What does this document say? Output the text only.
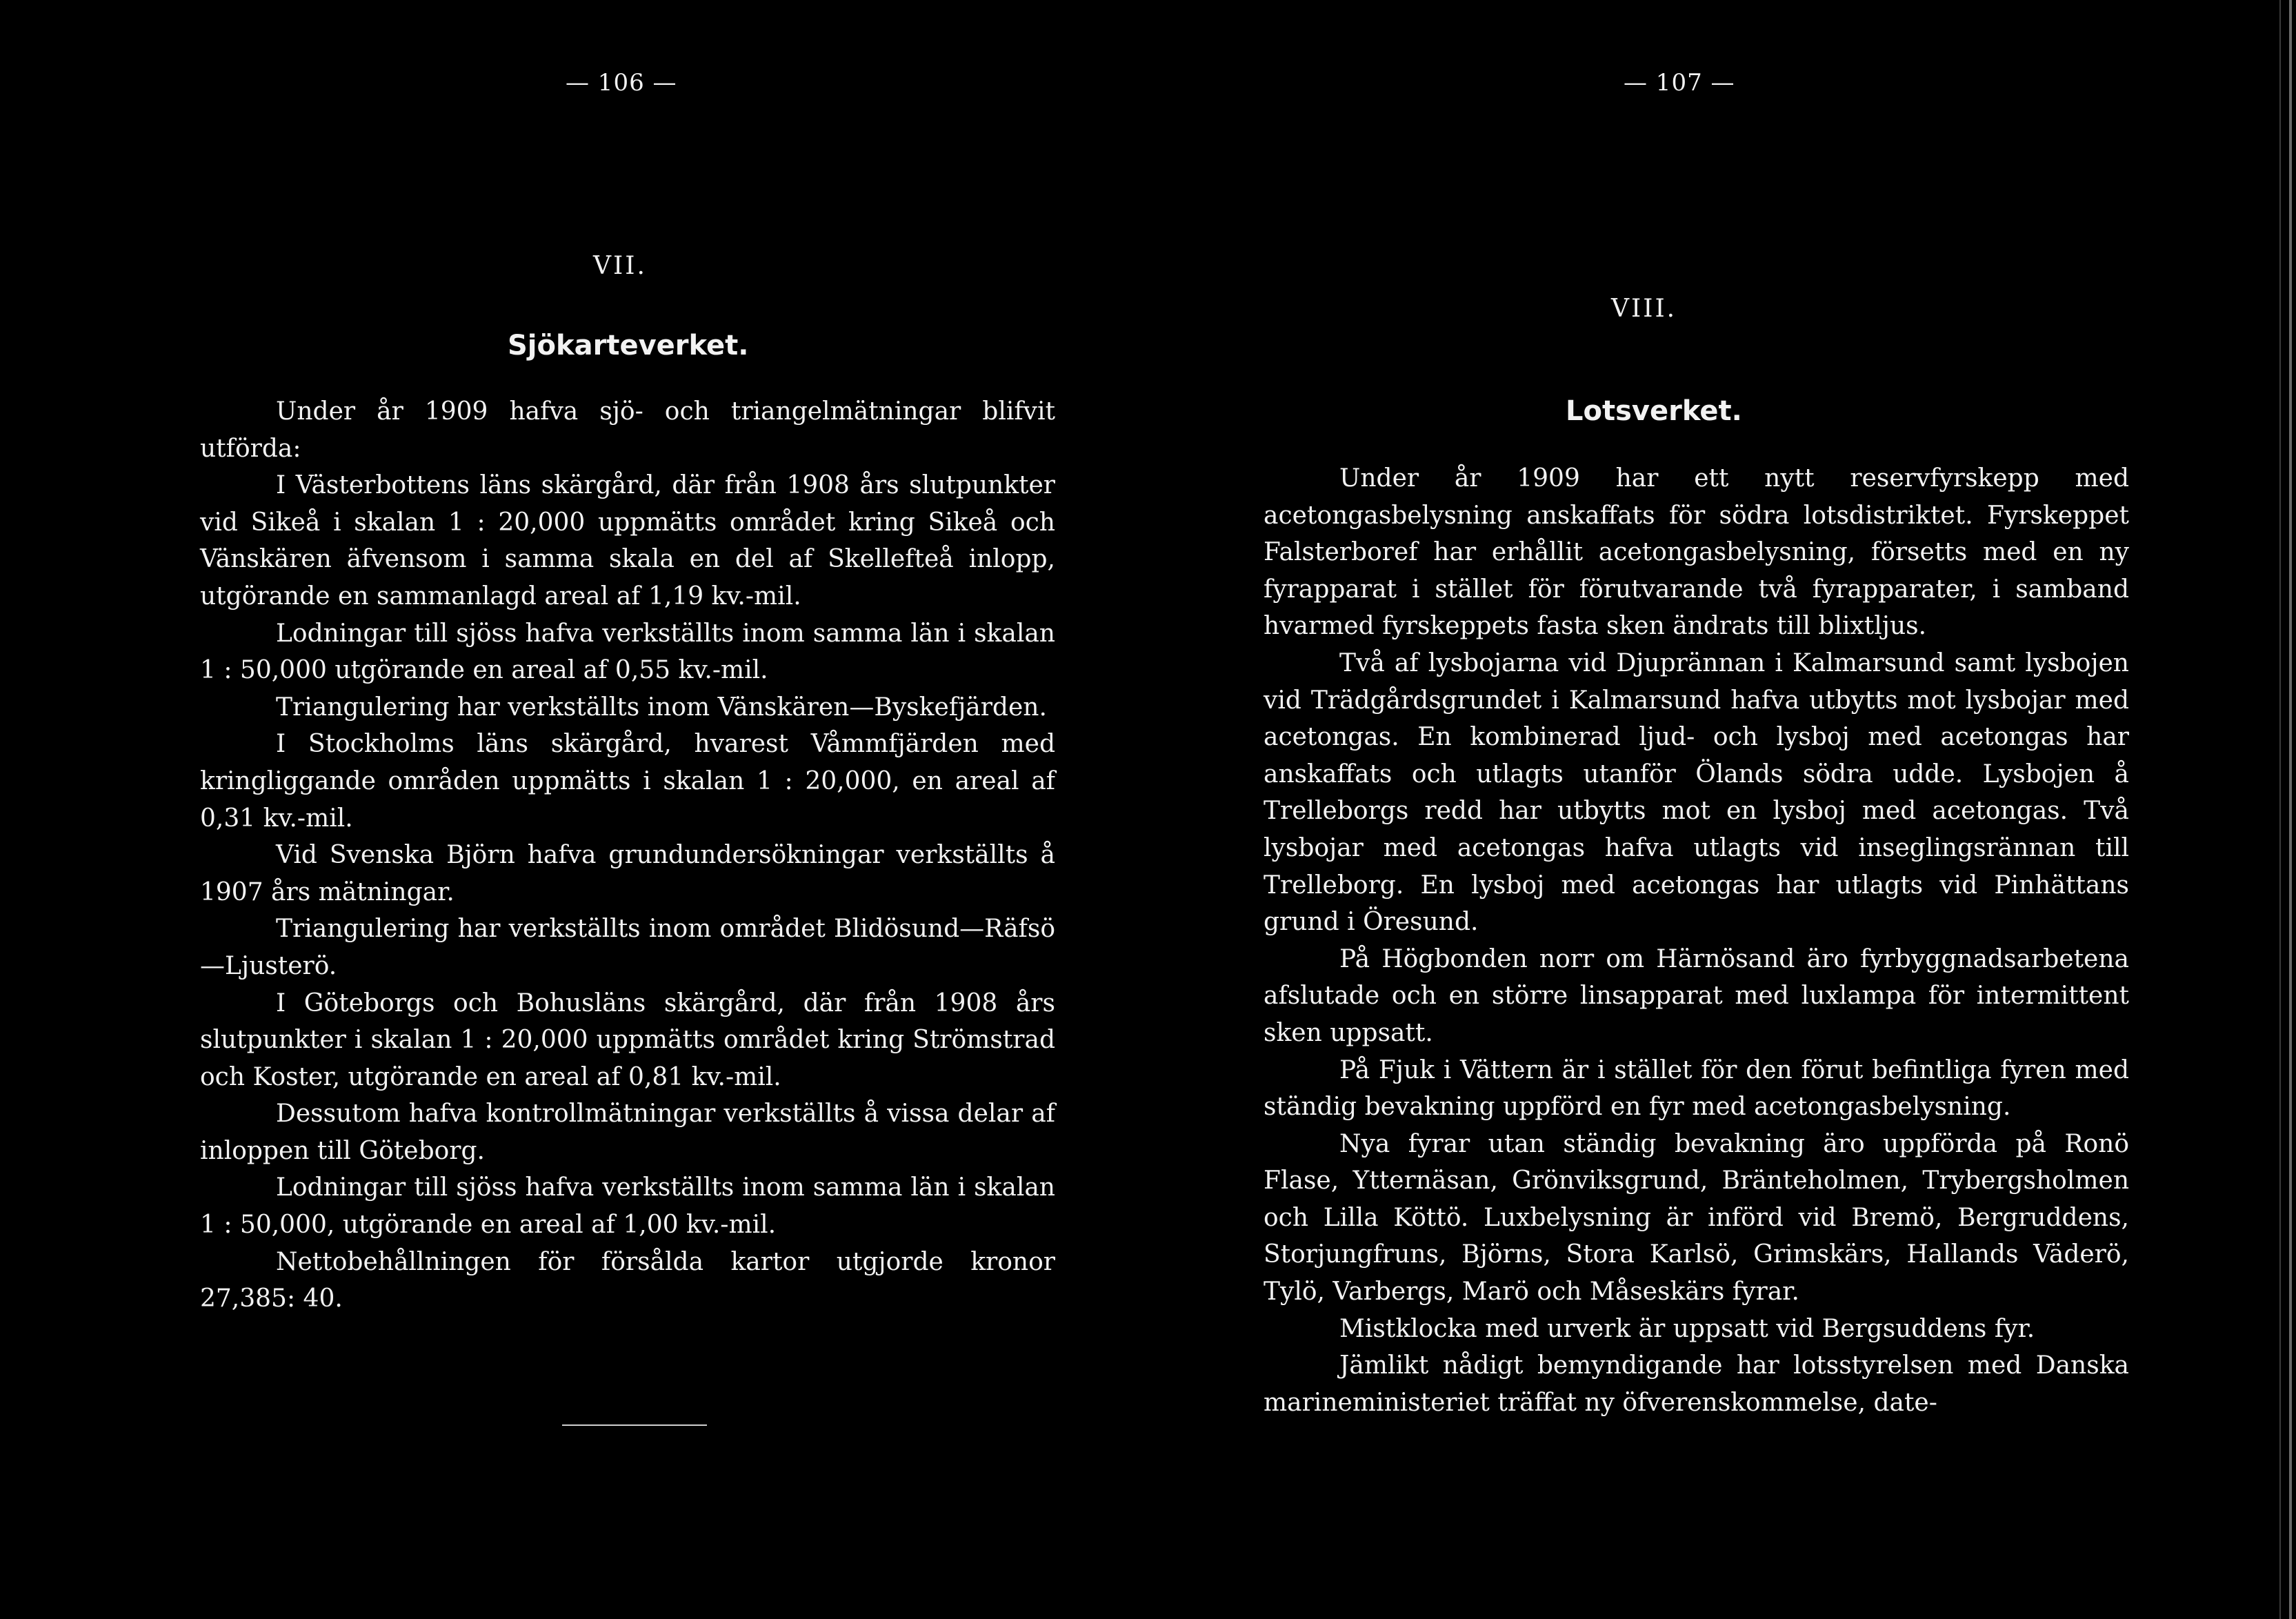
— 106 —
VII.
Sjökarteverket.

Under år 1909 hafva sjö- och triangelmätningar blifvit utförda:

I Västerbottens läns skärgård, där från 1908 års slutpunkter vid Sikeå i skalan 1 : 20,000 uppmätts området kring Sikeå och Vänskären äfvensom i samma skala en del af Skellefteå inlopp, utgörande en sammanlagd areal af 1,19 kv.-mil.

Lodningar till sjöss hafva verkställts inom samma län i skalan 1 : 50,000 utgörande en areal af 0,55 kv.-mil.

Triangulering har verkställts inom Vänskären—Byskefjärden.

I Stockholms läns skärgård, hvarest Våmmfjärden med kringliggande områden uppmätts i skalan 1 : 20,000, en areal af 0,31 kv.-mil.

Vid Svenska Björn hafva grundundersökningar verkställts å 1907 års mätningar.

Triangulering har verkställts inom området Blidösund—Räfsö—Ljusterö.

I Göteborgs och Bohusläns skärgård, där från 1908 års slutpunkter i skalan 1 : 20,000 uppmätts området kring Strömstrad och Koster, utgörande en areal af 0,81 kv.-mil.

Dessutom hafva kontrollmätningar verkställts å vissa delar af inloppen till Göteborg.

Lodningar till sjöss hafva verkställts inom samma län i skalan 1 : 50,000, utgörande en areal af 1,00 kv.-mil.

Nettobehållningen för försålda kartor utgjorde kronor 27,385: 40.

— 107 —
VIII.
Lotsverket.

Under år 1909 har ett nytt reservfyrskepp med acetongasbelysning anskaffats för södra lotsdistriktet. Fyrskeppet Falsterboref har erhållit acetongasbelysning, försetts med en ny fyrapparat i stället för förutvarande två fyrapparater, i samband hvarmed fyrskeppets fasta sken ändrats till blixtljus.

Två af lysbojarna vid Djuprännan i Kalmarsund samt lysbojen vid Trädgårdsgrundet i Kalmarsund hafva utbytts mot lysbojar med acetongas. En kombinerad ljud- och lysboj med acetongas har anskaffats och utlagts utanför Ölands södra udde. Lysbojen å Trelleborgs redd har utbytts mot en lysboj med acetongas. Två lysbojar med acetongas hafva utlagts vid inseglingsrännan till Trelleborg. En lysboj med acetongas har utlagts vid Pinhättans grund i Öresund.

På Högbonden norr om Härnösand äro fyrbyggnadsarbetena afslutade och en större linsapparat med luxlampa för intermittent sken uppsatt.

På Fjuk i Vättern är i stället för den förut befintliga fyren med ständig bevakning uppförd en fyr med acetongasbelysning.

Nya fyrar utan ständig bevakning äro uppförda på Ronö Flase, Ytternäsan, Grönviksgrund, Bränteholmen, Trybergsholmen och Lilla Köttö. Luxbelysning är införd vid Bremö, Bergruddens, Storjungfruns, Björns, Stora Karlsö, Grimskärs, Hallands Väderö, Tylö, Varbergs, Marö och Måseskärs fyrar.

Mistklocka med urverk är uppsatt vid Bergsuddens fyr.

Jämlikt nådigt bemyndigande har lotsstyrelsen med Danska marineministeriet träffat ny öfverenskommelse, date-
